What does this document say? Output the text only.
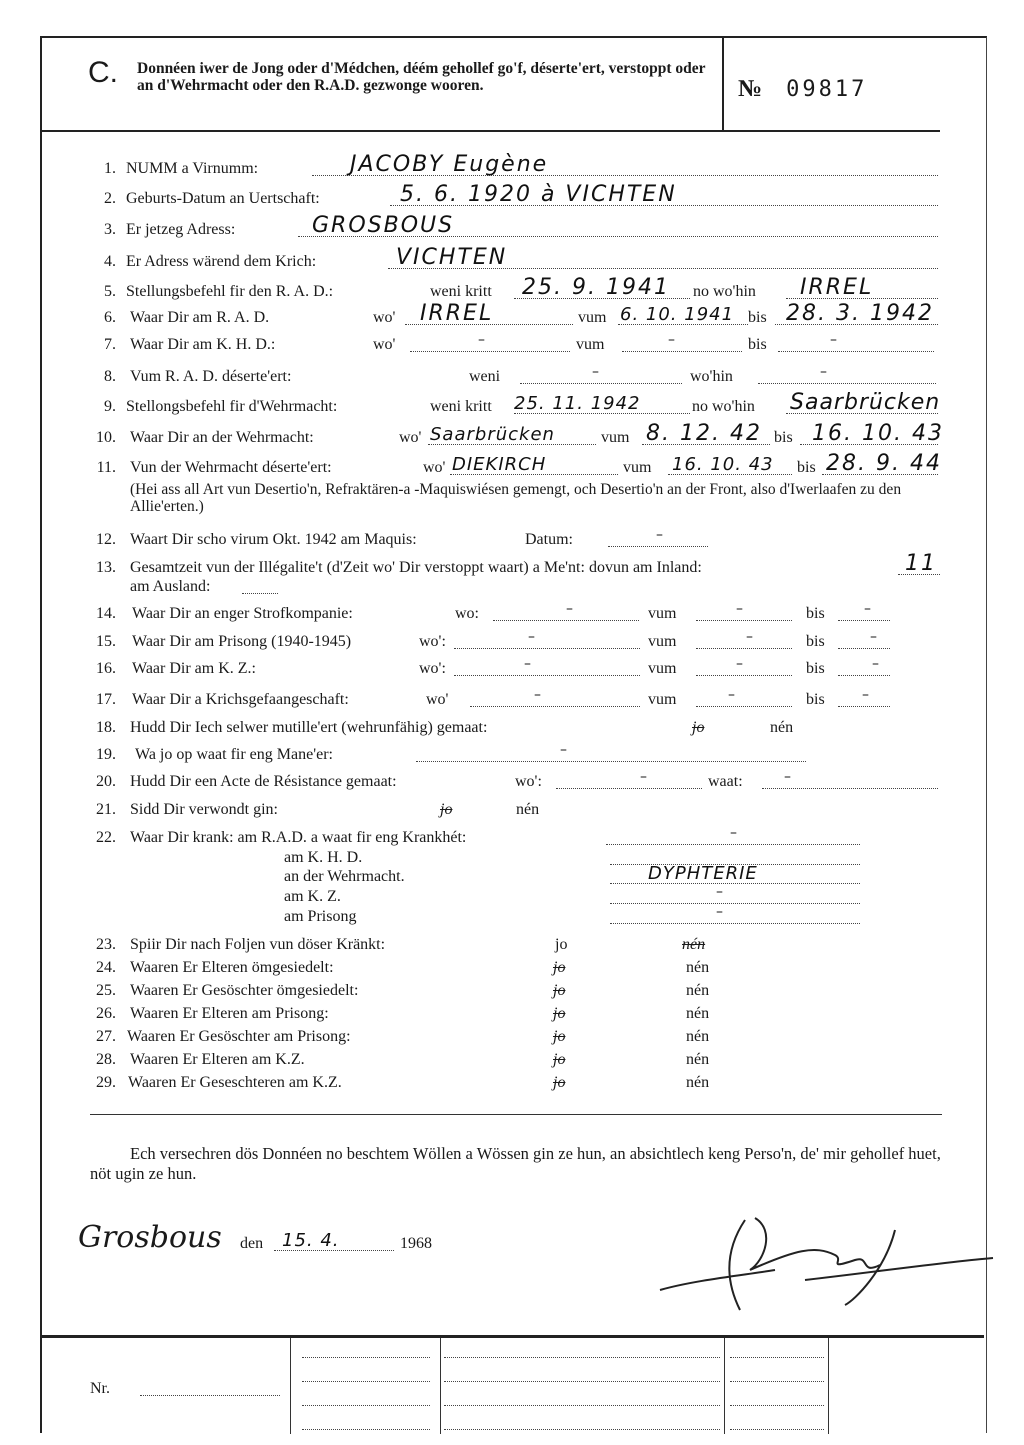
C. Donnéen iwer de Jong oder d'Médchen, déém gehollef go'f, déserte'ert, verstoppt oder an d'Wehrmacht oder den R.A.D. gezwonge wooren.	№ 09817
1. NUMM a Virnumm:	JACOBY Eugène
2. Geburts-Datum an Uertschaft:	5. 6. 1920 à VICHTEN
3. Er jetzeg Adress:	GROSBOUS
4. Er Adress wärend dem Krich:	VICHTEN
5. Stellungsbefehl fir den R. A. D.:	weni kritt 25. 9. 1941 no wo'hin IRREL
6. Waar Dir am R. A. D.	wo' IRREL	vum 6. 10. 1941 bis 28. 3. 1942
7. Waar Dir am K. H. D.:	wo'	–	vum	–	bis	–
8. Vum R. A. D. déserte'ert:	weni	–	wo'hin	–
9. Stellongsbefehl fir d'Wehrmacht:	weni kritt 25. 11. 1942	no wo'hin Saarbrücken
10. Waar Dir an der Wehrmacht:	wo' Saarbrücken	vum 8. 12. 42 bis 16. 10. 43
11. Vun der Wehrmacht déserte'ert:	wo' DIEKIRCH	vum 16. 10. 43 bis 28. 9. 44
(Hei ass all Art vun Desertio'n, Refraktären-a -Maquiswiésen gemengt, och Desertio'n an der Front, also d'Iwerlaafen zu den Allie'erten.)
12. Waart Dir scho virum Okt. 1942 am Maquis:	Datum:	–
13. Gesamtzeit vun der Illégalite't (d'Zeit wo' Dir verstoppt waart) a Me'nt: dovun am Inland:	11
am Ausland:
14. Waar Dir an enger Strofkompanie:	wo:	–	vum	–	bis	–
15. Waar Dir am Prisong (1940-1945)	wo':	–	vum	–	bis	–
16. Waar Dir am K. Z.:	wo':	–	vum	–	bis	–
17. Waar Dir a Krichsgefaangeschaft:	wo'	–	vum	–	bis	–
18. Hudd Dir Iech selwer mutille'ert (wehrunfähig) gemaat:	jo	nén
19. Wa jo op waat fir eng Mane'er:	–
20. Hudd Dir een Acte de Résistance gemaat:	wo':	–	waat:	–
21. Sidd Dir verwondt gin:	jo	nén
22. Waar Dir krank: am R.A.D. a waat fir eng Krankhét:	–
am K. H. D.
an der Wehrmacht.	DYPHTERIE
am K. Z.	–
am Prisong	–
23. Spiir Dir nach Foljen vun döser Kränkt:	jo	nén
24. Waaren Er Elteren ömgesiedelt:	jo	nén
25. Waaren Er Gesöschter ömgesiedelt:	jo	nén
26. Waaren Er Elteren am Prisong:	jo	nén
27. Waaren Er Gesöschter am Prisong:	jo	nén
28. Waaren Er Elteren am K.Z.	jo	nén
29. Waaren Er Geseschteren am K.Z.	jo	nén
Ech versechren dös Donnéen no beschtem Wöllen a Wössen gin ze hun, an absichtlech keng Perso'n, de' mir gehollef huet, nöt ugin ze hun.
Grosbous den 15. 4.	1968
Nr.
